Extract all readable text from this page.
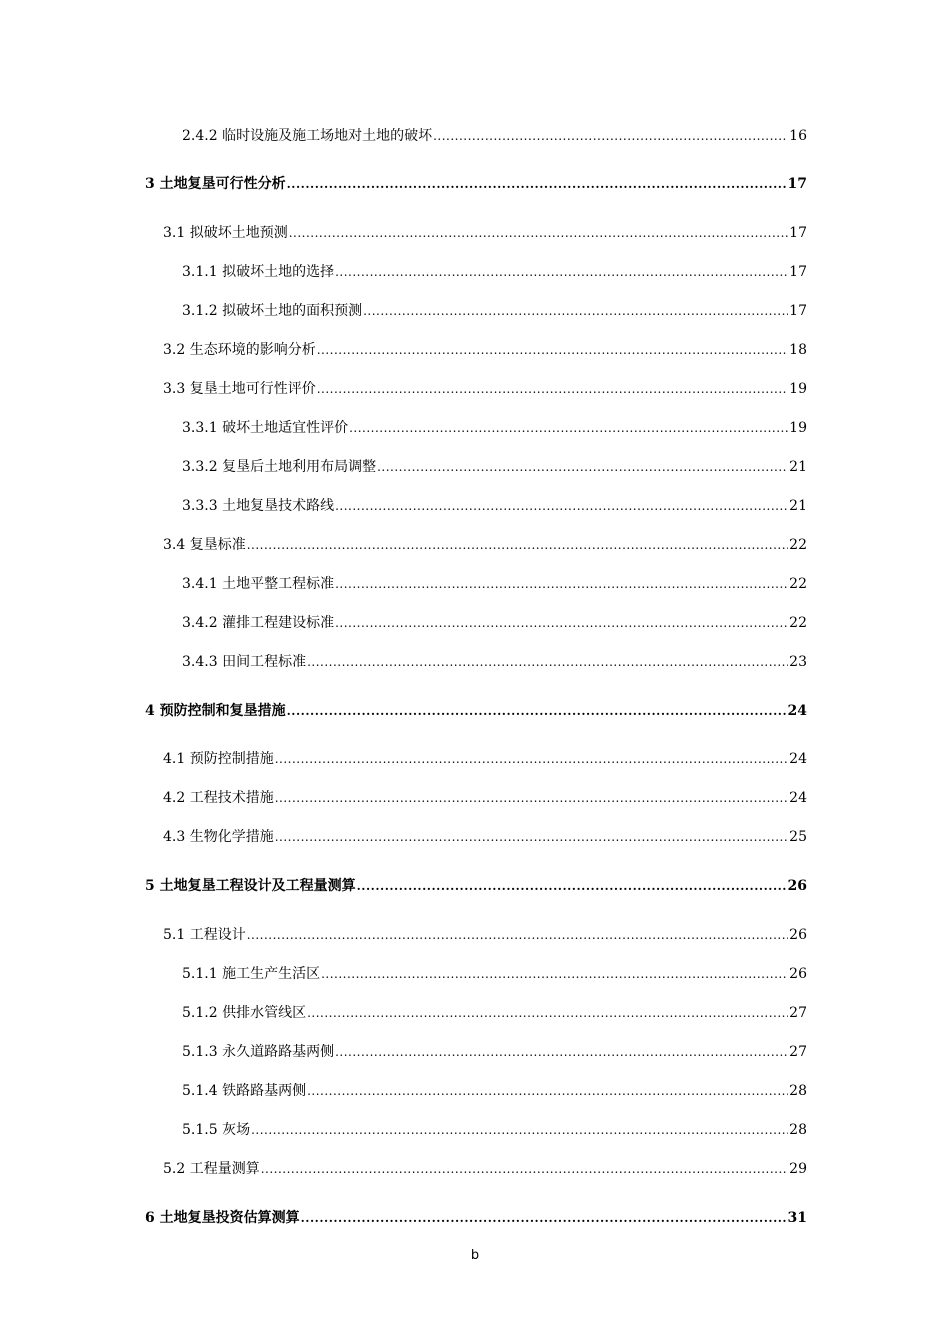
2.4.2 临时设施及施工场地对土地的破坏 .....	16
3 土地复垦可行性分析 .....	17
3.1 拟破坏土地预测 .....	17
3.1.1 拟破坏土地的选择 .....	17
3.1.2 拟破坏土地的面积预测 .....	17
3.2 生态环境的影响分析 .....	18
3.3 复垦土地可行性评价 .....	19
3.3.1 破坏土地适宜性评价 .....	19
3.3.2 复垦后土地利用布局调整 .....	21
3.3.3 土地复垦技术路线 .....	21
3.4 复垦标准 .....	22
3.4.1 土地平整工程标准 .....	22
3.4.2 灌排工程建设标准 .....	22
3.4.3 田间工程标准 .....	23
4 预防控制和复垦措施 .....	24
4.1 预防控制措施 .....	24
4.2 工程技术措施 .....	24
4.3 生物化学措施 .....	25
5 土地复垦工程设计及工程量测算 .....	26
5.1 工程设计 .....	26
5.1.1 施工生产生活区 .....	26
5.1.2 供排水管线区 .....	27
5.1.3 永久道路路基两侧 .....	27
5.1.4 铁路路基两侧 .....	28
5.1.5 灰场 .....	28
5.2 工程量测算 .....	29
6 土地复垦投资估算测算 .....	31
b
